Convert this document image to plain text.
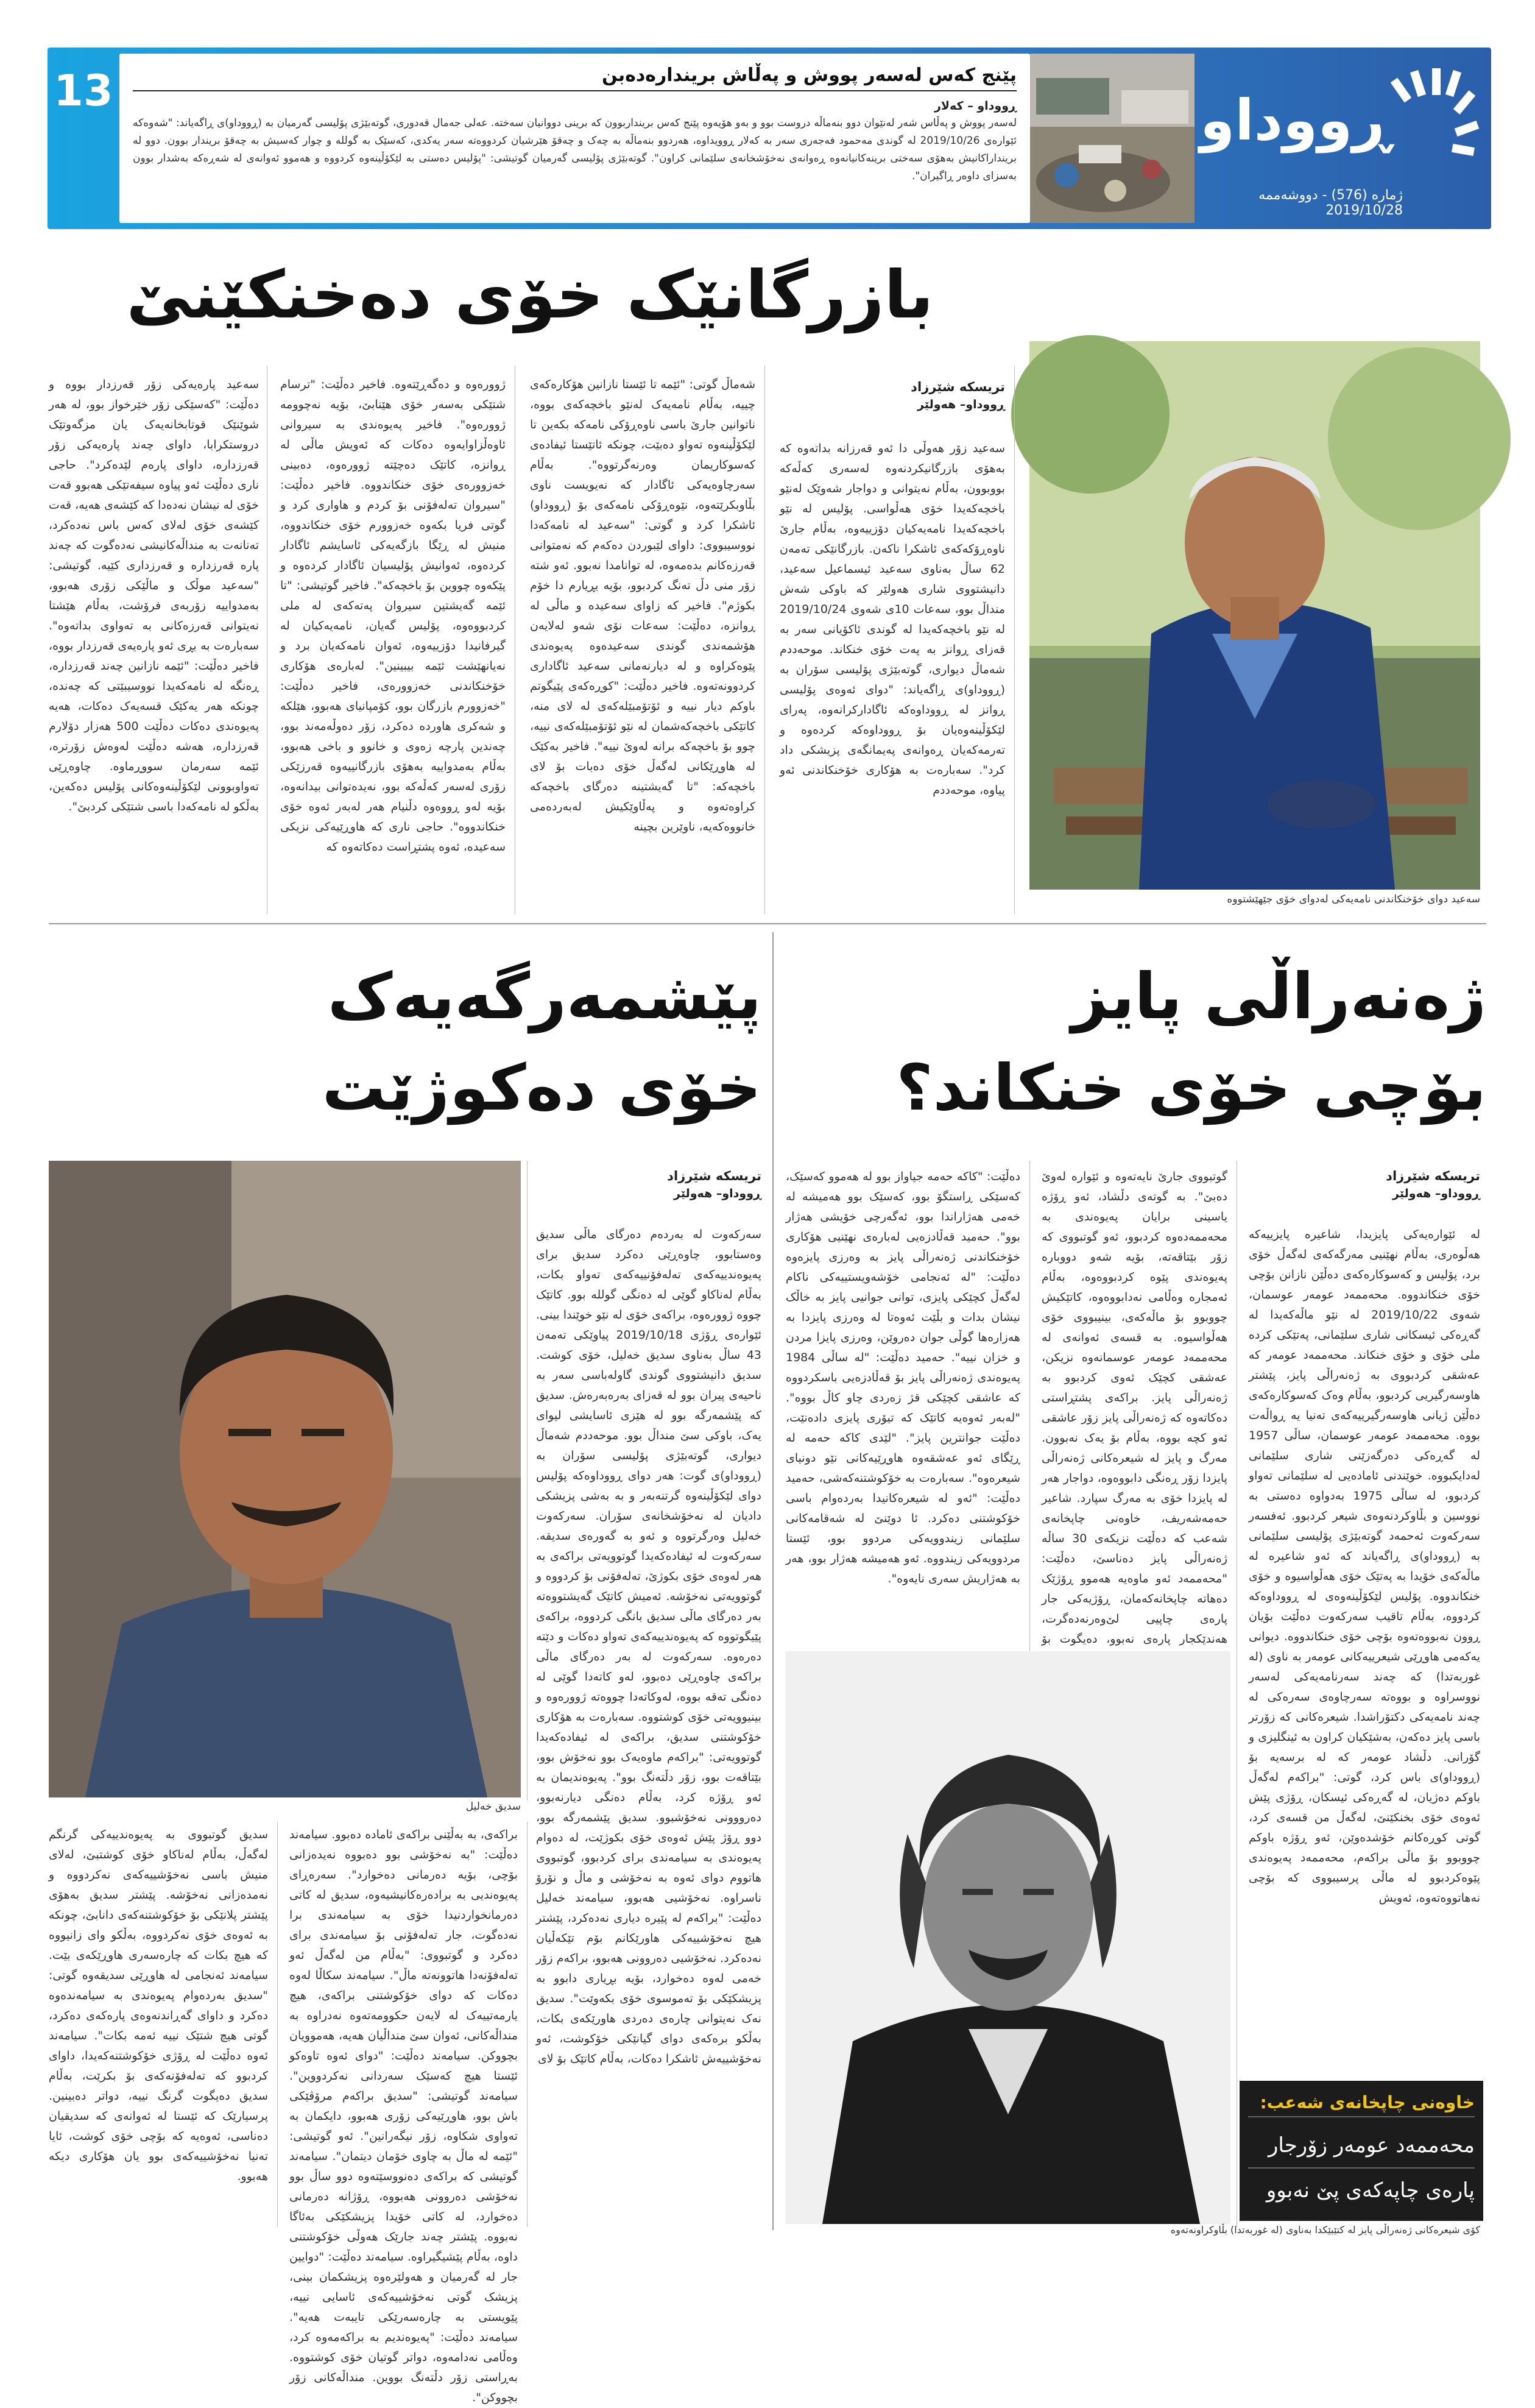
13	پێنج کەس لەسەر پووش و پەڵاش بریندارەدەبن
ڕووداو – کەلار
لەسەر پووش و پەڵاس شەر لەنێوان دوو بنەماڵە دروست بوو و بەو هۆیەوە پێنج کەس برینداربوون کە برینی دووانیان سەختە. عەلی جەمال قەدوری، گوتەبێژی پۆلیسی گەرمیان بە (ڕووداو)ی ڕاگەیاند: "شەوەکە ئێوارەی 2019/10/26 لە گوندی مەحمود فەجەری سەر بە کەلار ڕوویداوە، هەردوو بنەماڵە بە چەک و چەقۆ هێرشیان کردووەتە سەر یەکدی، کەسێک بە گوللە و چوار کەسیش بە چەقۆ بریندار بوون. دوو لە برینداراکانیش بەهۆی سەختی برینەکانیانەوە ڕەوانەی نەخۆشخانەی سلێمانی کراون". گوتەبێژی پۆلیسی گەرمیان گوتیشی: "پۆلیس دەستی بە لێکۆڵینەوە کردووە و هەموو ئەوانەی لە شەڕەکە بەشدار بوون بەسزای داوەر ڕاگیران".
ڕووداو
ژمارە (576) - دووشەممە 2019/10/28
بازرگانێک خۆی دەخنکێنێ
سەعید دوای خۆخنکاندنی نامەیەکی لەدوای خۆی جێهێشتووە
تریسکە شێرزاد
ڕووداو– هەولێر
سەعید زۆر هەوڵی دا ئەو قەرزانە بداتەوە کە بەهۆی بازرگانیکردنەوە لەسەری کەڵەکە بووبوون، بەڵام نەیتوانی و دواجار شەوێک لەنێو باخچەکەیدا خۆی هەڵواسی. پۆلیس لە نێو باخچەکەیدا نامەیەکیان دۆزییەوە، بەڵام جارێ ناوەڕۆکەکەی ئاشکرا ناکەن. بازرگانێکی تەمەن 62 ساڵ بەناوی سەعید ئیسماعیل سەعید، دانیشتووی شاری هەولێر کە باوکی شەش منداڵ بوو، سەعات 10ی شەوی 2019/10/24 لە نێو باخچەکەیدا لە گوندی ئاکۆیانی سەر بە قەزای ڕوانز بە پەت خۆی خنکاند. موحەددم شەماڵ دیواری، گوتەبێژی پۆلیسی سۆران بە (ڕووداو)ی ڕاگەیاند: "دوای ئەوەی پۆلیسی ڕوانز لە ڕووداوەکە ئاگادارکرانەوە، پەرای لێکۆڵینەوەیان بۆ ڕووداوەکە کردەوە و تەرمەکەیان ڕەوانەی پەیمانگەی پزیشکی داد کرد". سەبارەت بە هۆکاری خۆخنکاندنی ئەو پیاوە، موحەددم
شەماڵ گوتی: "ئێمە تا ئێستا نازانین هۆکارەکەی چییە، بەڵام نامەیەک لەنێو باخچەکەی بووە، ناتوانین جارێ باسی ناوەڕۆکی نامەکە بکەین تا لێکۆڵینەوە تەواو دەبێت، چونکە ئاتێستا ئیفادەی کەسوکاریمان وەرنەگرتووە". بەڵام سەرچاوەیەکی ئاگادار کە نەیویست ناوی بڵاوبکرێتەوە، نێوەڕۆکی نامەکەی بۆ (ڕووداو) ئاشکرا کرد و گوتی: "سەعید لە نامەکەدا نووسیبووی: داوای لێبوردن دەکەم کە نەمتوانی قەرزەکانم بدەمەوە، لە توانامدا نەبوو. ئەو شتە زۆر منی دڵ تەنگ کردبوو، بۆیە بڕیارم دا خۆم بکوژم". فاخیر کە زاوای سەعیدە و ماڵی لە ڕوانزە، دەڵێت: سەعات نۆی شەو لەلایەن هۆشمەندی گوندی سەعیدەوە پەیوەندی پێوەکراوە و لە دیارنەمانی سەعید ئاگاداری کردوونەتەوە. فاخیر دەڵێت: "کوڕەکەی پێیگوتم باوکم دیار نییە و ئۆتۆمبێلەکەی لە لای منە، کاتێکی باخچەکەشمان لە نێو ئۆتۆمبێلەکەی نییە، چوو بۆ باخچەکە برانە لەوێ نییە". فاخیر بەکێک لە هاوڕێکانی لەگەڵ خۆی دەبات بۆ لای باخچەکە: "تا گەیشتینە دەرگای باخچەکە کراوەتەوە و پەڵاوێکیش لەبەردەمی خانووەکەیە، ناوێرین بچینە
ژوورەوە و دەگەڕێتەوە. فاخیر دەڵێت: "ترسام شتێکی بەسەر خۆی هێنابێ، بۆیە نەچوومە ژوورەوە". فاخیر پەیوەندی بە سیروانی ئاوەڵزاوایەوە دەکات کە ئەویش ماڵی لە ڕوانزە، کاتێک دەچێتە ژوورەوە، دەبینی خەزوورەی خۆی خنکاندووە. فاخیر دەڵێت: "سیروان تەلەفۆنی بۆ کردم و هاواری کرد و گوتی فریا بکەوە خەزوورم خۆی خنکاندووە، منیش لە ڕێگا بازگەیەکی ئاسایشم ئاگادار کردەوە، ئەوانیش پۆلیسیان ئاگادار کردەوە و پێکەوە چووین بۆ باخچەکە". فاخیر گوتیشی: "تا ئێمە گەیشتین سیروان پەتەکەی لە ملی کردبووەوە، پۆلیس گەیان، نامەیەکیان لە گیرفانیدا دۆزییەوە، ئەوان نامەکەیان برد و نەیانهێشت ئێمە بیبینین". لەبارەی هۆکاری خۆخنکاندنی خەزوورەی، فاخیر دەڵێت: "خەزوورم بازرگان بوو، کۆمپانیای هەبوو، هێلکە و شەکری هاوردە دەکرد، زۆر دەوڵەمەند بوو، چەندین پارچە زەوی و خانوو و باخی هەبوو، بەڵام بەمدواییە بەهۆی بازرگانییەوە قەرزێکی زۆری لەسەر کەڵەکە بوو، نەیدەتوانی بیدانەوە، بۆیە لەو ڕووەوە دڵنیام هەر لەبەر ئەوە خۆی خنکاندووە". حاجی ناری کە هاوڕێیەکی نزیکی سەعیدە، ئەوە پشتڕاست دەکاتەوە کە
سەعید پارەیەکی زۆر قەرزدار بووە و دەڵێت: "کەسێکی زۆر خێرخواز بوو، لە هەر شوێنێک قوتابخانەیەک یان مزگەوتێک دروستکرابا، داوای چەند پارەیەکی زۆر قەرزدارە، داوای پارەم لێدەکرد". حاجی ناری دەڵێت ئەو پیاوە سیفەتێکی هەبوو قەت خۆی لە نیشان نەدەدا کە کێشەی هەیە، قەت کێشەی خۆی لەلای کەس باس نەدەکرد، تەنانەت بە منداڵەکانیشی نەدەگوت کە چەند پارە قەرزدارە و قەرزداری کێیە. گوتیشی: "سەعید موڵک و ماڵێکی زۆری هەبوو، بەمدواییە زۆربەی فرۆشت، بەڵام هێشتا نەیتوانی قەرزەکانی بە تەواوی بداتەوە". سەبارەت بە بڕی ئەو پارەیەی قەرزدار بووە، فاخیر دەڵێت: "ئێمە نازانین چەند قەرزدارە، ڕەنگە لە نامەکەیدا نووسیبێتی کە چەندە، چونکە هەر یەکێک قسەیەک دەکات، هەیە پەیوەندی دەکات دەڵێت 500 هەزار دۆلارم قەرزدارە، هەشە دەڵێت لەوەش زۆرترە، ئێمە سەرمان سووڕماوە. چاوەڕێی تەواوبوونی لێکۆڵینەوەکانی پۆلیس دەکەین، بەڵکو لە نامەکەدا باسی شتێکی کردبێ".
ژەنەراڵی پایز
بۆچی خۆی خنکاند؟
تریسکە شێرزاد
ڕووداو– هەولێر
لە ئێوارەیەکی پایزیدا، شاعیرە پایزییەکە هەڵوەری، بەڵام نهێنیی مەرگەکەی لەگەڵ خۆی برد، پۆلیس و کەسوکارەکەی دەڵێن نازانن بۆچی خۆی خنکاندووە. محەممەد عومەر عوسمان، شەوی 2019/10/22 لە نێو ماڵەکەیدا لە گەڕەکی ئیسکانی شاری سلێمانی، پەتێکی کردە ملی خۆی و خۆی خنکاند. محەممەد عومەر کە عەشقی کردبووی بە ژەنەراڵی پایز، پێشتر هاوسەرگیریی کردبوو، بەڵام وەک کەسوکارەکەی دەڵێن ژیانی هاوسەرگیرییەکەی تەنیا یە ڕواڵەت بووە. محەممەد عومەر عوسمان، ساڵی 1957 لە گەڕەکی دەرگەزێنی شاری سلێمانی لەدایکبووە. خوێندنی ئامادەیی لە سلێمانی تەواو کردبوو، لە ساڵی 1975 بەدواوە دەستی بە نووسین و بڵاوکردنەوەی شیعر کردبوو. ئەفسەر سەرکەوت ئەحمەد گوتەبێژی پۆلیسی سلێمانی بە (ڕووداو)ی ڕاگەیاند کە ئەو شاعیرە لە ماڵەکەی خۆیدا بە پەتێک خۆی هەڵواسیوە و خۆی خنکاندووە. پۆلیس لێکۆڵینەوەی لە ڕووداوەکە کردووە، بەڵام تاقیب سەرکەوت دەڵێت بۆیان ڕوون نەبووەتەوە بۆچی خۆی خنکاندووە. دیوانی یەکەمی هاوڕێی شیعرییەکانی عومەر بە ناوی (لە غوربەتدا) کە چەند سەرنامەیەکی لەسەر نووسراوە و بووەتە سەرچاوەی سەرەکی لە چەند نامەیەکی دکتۆراشدا. شیعرەکانی کە زۆرتر باسی پایز دەکەن، بەشێکیان کراون بە ئینگلیزی و گۆرانی. دڵشاد عومەر کە لە برسەیە بۆ (ڕووداو)ی باس کرد، گوتی: "براکەم لەگەڵ باوکم دەژیان، لە گەڕەکی ئیسکان، ڕۆژی پێش ئەوەی خۆی بخنکێنێ، لەگەڵ من قسەی کرد، گوتی کوڕەکانم خۆشدەوێن، ئەو ڕۆژە باوکم چووبوو بۆ ماڵی براکەم، محەممەد پەیوەندی پێوەکردبوو لە ماڵی پرسیبووی کە بۆچی نەهاتووەتەوە، ئەویش
گوتبووی جارێ نایەتەوە و ئێواره لەوێ دەبێ". بە گوتەی دڵشاد، ئەو ڕۆژە یاسینی برایان پەیوەندی بە محەممەدەوە کردبوو، ئەو گوتبووی کە زۆر بێتاقەتە، بۆیە شەو دووبارە پەیوەندی پێوە کردبووەوە، بەڵام ئەمجارە وەڵامی نەدابووەوە، کاتێکیش چووبوو بۆ ماڵەکەی، بینیبووی خۆی هەڵواسیوە. بە قسەی ئەوانەی لە محەممەد عومەر عوسمانەوە نزیکن، عەشقی کچێک ئەوی کردبوو بە ژەنەراڵی پایز. براکەی پشتڕاستی دەکاتەوە کە ژەنەراڵی پایز زۆر عاشقی ئەو کچە بووە، بەڵام بۆ یەک نەبوون. مەرگ و پایز لە شیعرەکانی ژەنەراڵی پایزدا زۆر ڕەنگی دابووەوە، دواجار هەر لە پایزدا خۆی بە مەرگ سپارد. شاعیر حەمەشەریف، خاوەنی چاپخانەی شەعب کە دەڵێت نزیکەی 30 ساڵە ژەنەراڵی پایز دەناسێ، دەڵێت: "محەممەد ئەو ماوەیە هەموو ڕۆژێک دەهاتە چاپخانەکەمان، ڕۆژیەکی جار پارەی چاپیی لێ‌وەرنەدەگرت، هەندێکجار پارەی نەبوو، دەیگوت بۆ
دەڵێت: "کاکە حەمە جیاواز بوو لە هەموو کەسێک، کەسێکی ڕاستگۆ بوو، کەسێک بوو هەمیشە لە خەمی هەژاراندا بوو، ئەگەرچی خۆیشی هەژار بوو". حەمید قەڵادزەیی لەبارەی نهێنیی هۆکاری خۆخنکاندنی ژەنەراڵی پایز بە وەرزی پایزەوە دەڵێت: "لە ئەنجامی خۆشەویستییەکی ناکام لەگەڵ کچێکی پایزی، توانی جوانیی پایز بە خاڵک نیشان بدات و بڵێت ئەوەتا لە وەرزی پایزدا بە هەزارەها گوڵی جوان دەروێن، وەرزی پایزا مردن و خزان نییە". حەمید دەڵێت: "لە ساڵی 1984 پەیوەندی ژەنەراڵی پایز بۆ قەڵادزەیی باسکردووە کە عاشقی کچێکی قژ زەردی چاو کاڵ بووە". "لەبەر ئەوەیە کاتێک کە تیۆری پایزی دادەنێت، دەڵێت جوانترین پایز". "لێدی کاکە حەمە لە ڕێگای ئەو عەشقەوە هاوڕێیەکانی نێو دونیای شیعرەوە". سەبارەت بە خۆکوشتنەکەشی، حەمید دەڵێت: "ئەو لە شیعرەکانیدا بەردەوام باسی خۆکوشتنی دەکرد. ئا دوێنێ لە شەقامەکانی سلێمانی زیندوویەکی مردوو بوو، ئێستا مردوویەکی زیندووە. ئەو هەمیشە هەژار بوو، هەر بە هەژاریش سەری نایەوە".
کۆی شیعرەکانی ژەنەراڵی پایز لە کتێبێکدا بەناوی (لە غوربەتدا) بڵاوکراونەتەوە
خاوەنی چاپخانەی شەعب:
محەممەد عومەر زۆرجار
پارەی چاپەکەی پێ نەبوو
پێشمەرگەیەک
خۆی دەکوژێت
تریسکە شێرزاد
ڕووداو– هەولێر
سدیق خەلیل
سەرکەوت لە بەردەم دەرگای ماڵی سدیق وەستابوو، چاوەڕێی دەکرد سدیق برای پەیوەندییەکەی تەلەفۆنییەکەی تەواو بکات، بەڵام لەناکاو گوێی لە دەنگی گوللە بوو. کاتێک چووە ژوورەوە، براکەی خۆی لە نێو خوێندا بینی. ئێوارەی ڕۆژی 2019/10/18 پیاوێکی تەمەن 43 ساڵ بەناوی سدیق خەلیل، خۆی کوشت. سدیق دانیشتووی گوندی گاولەباسی سەر بە ناحیەی پیران بوو لە قەزای بەرەبەرەش. سدیق کە پێشمەرگە بوو لە هێزی ئاسایشی لیوای یەک، باوکی سێ منداڵ بوو. موحەددم شەماڵ دیواری، گوتەبێژی پۆلیسی سۆران بە (ڕووداو)ی گوت: هەر دوای ڕووداوەکە پۆلیس دوای لێکۆڵینەوە گرتنەبەر و بە بەشی پزیشکی دادیان لە نەخۆشخانەی سۆران. سەرکەوت خەلیل وەرگرتووە و ئەو بە گەورەی سدیقە. سەرکەوت لە ئیفادەکەیدا گوتوویەتی براکەی بە هەر لەوەی خۆی بکوژێ، تەلەفۆنی بۆ کردووە و گوتوویەتی نەخۆشە. ئەمیش کاتێک گەیشتووەتە بەر دەرگای ماڵی سدیق بانگی کردووە، براکەی پێیگوتووە کە پەیوەندییەکەی تەواو دەکات و دێتە دەرەوە. سەرکەوت لە بەر دەرگای ماڵی براکەی چاوەڕێی دەبوو، لەو کاتەدا گوێی لە دەنگی تەقە بووە، لەوکاتەدا چووەتە ژوورەوە و بینیوویەتی خۆی کوشتووە. سەبارەت بە هۆکاری خۆکوشتنی سدیق، براکەی لە ئیفادەکەیدا گوتوویەتی: "براکەم ماوەیەک بوو نەخۆش بوو، بێتاقەت بوو، زۆر دڵتەنگ بوو". پەیوەندیمان بە ئەو ڕۆژە کرد، بەڵام دەنگی دیارنەبوو، دەرووونی نەخۆشبوو. سدیق پێشمەرگە بوو، دوو ڕۆژ پێش ئەوەی خۆی بکوژێت، لە دەوام پەیوەندی بە سیامەندی برای کردبوو، گوتبووی هاتووم دوای ئەوە بە نەخۆشی و ماڵ و نۆرۆ ناسراوە. نەخۆشیی هەبوو، سیامەند خەلیل دەڵێت: "براکەم لە پێیرە دیاری نەدەکرد، پێشتر هیچ نەخۆشییەکی هاورێکانم بۆم تێکەڵیان نەدەکرد. نەخۆشیی دەروونی هەبوو، براکەم زۆر خەمی لەوە دەخوارد، بۆیە بڕیاری دابوو بە پزیشکێکی بۆ تەموسوی خۆی بکەوێت". سدیق نەک نەیتوانی چارەی دەردی هاورێکەی بکات، بەڵکو برەکەی دوای گیانێکی خۆکوشت، ئەو نەخۆشییەش ئاشکرا دەکات، بەڵام کاتێک بۆ لای
براکەی، بە بەڵێنی براکەی ئامادە دەبوو. سیامەند دەڵێت: "بە نەخۆشی بوو دەبووە نەیدەزانی بۆچی، بۆیە دەرمانی دەخوارد". سەرەڕای پەیوەندیی بە برادەرەکانیشیەوە، سدیق لە کاتی دەرمانخواردنیدا خۆی بە سیامەندی برا نەدەگوت، جار تەلەفۆنی بۆ سیامەندی برای دەکرد و گوتبووی: "بەڵام من لەگەڵ ئەو تەلەفۆنەدا هاتوونەتە ماڵ". سیامەند سکاڵا لەوە دەکات کە دوای خۆکوشتنی براکەی، هیچ یارمەتییەک لە لایەن حکوومەتەوە نەدراوە بە منداڵەکانی، ئەوان سێ منداڵیان هەیە، هەموویان بچووکن. سیامەند دەڵێت: "دوای ئەوە تاوەکو ئێستا هیچ کەسێک سەردانی نەکردووین". سیامەند گوتیشی: "سدیق براکەم مرۆڤێکی باش بوو، هاوڕێیەکی زۆری هەبوو، دایکمان بە تەواوی شکاوە، زۆر نیگەرانین". ئەو گوتیشی: "ئێمە لە ماڵ بە چاوی خۆمان دیتمان". سیامەند گوتیشی کە براکەی دەنووسێتەوە دوو ساڵ بوو نەخۆشی دەروونی هەبووە، ڕۆژانە دەرمانی دەخوارد، لە کاتی خۆیدا پزیشکێکی بەئاگا نەبووە. پێشتر چەند جارێک هەوڵی خۆکوشتنی داوە، بەڵام پێشیگیراوە. سیامەند دەڵێت: "دوایین جار لە گەرمیان و هەولێرەوە پزیشکمان بینی، پزیشک گوتی نەخۆشییەکەی ئاسایی نییە، پێویستی بە چارەسەرێکی تایبەت هەیە". سیامەند دەڵێت: "پەیوەندیم بە براکەمەوە کرد، وەڵامی نەدامەوە، دواتر گوتیان خۆی کوشتووە. بەڕاستی زۆر دڵتەنگ بووین. منداڵەکانی زۆر بچووکن".
سدیق گوتبووی بە پەیوەندییەکی گرنگم لەگەڵ، بەڵام لەناکاو خۆی کوشتبێ، لەلای منیش باسی نەخۆشییەکەی نەکردووە و نەمدەزانی نەخۆشە. پێشتر سدیق بەهۆی پێشتر پلانێکی بۆ خۆکوشتنەکەی دانابێ، چونکە بە ئەوەی خۆی نەکردووە، بەڵکو وای زانیووە کە هیچ بکات کە چارەسەری هاوڕێکەی بێت. سیامەند ئەنجامی لە هاوڕێی سدیقەوە گوتی: "سدیق بەردەوام پەیوەندی بە سیامەندەوە دەکرد و داوای گەڕاندنەوەی پارەکەی دەکرد، گوتی هیچ شتێک نییە ئەمە بکات". سیامەند ئەوە دەڵێت لە ڕۆژی خۆکوشتنەکەیدا، داوای کردبوو کە تەلەفۆنەکەی بۆ بکرێت، بەڵام سدیق دەیگوت گرنگ نییە، دواتر دەبینین. پرسیارێک کە ئێستا لە ئەوانەی کە سدیقیان دەناسی، ئەوەیە کە بۆچی خۆی کوشت، ئایا تەنیا نەخۆشییەکەی بوو یان هۆکاری دیکە هەبوو.
